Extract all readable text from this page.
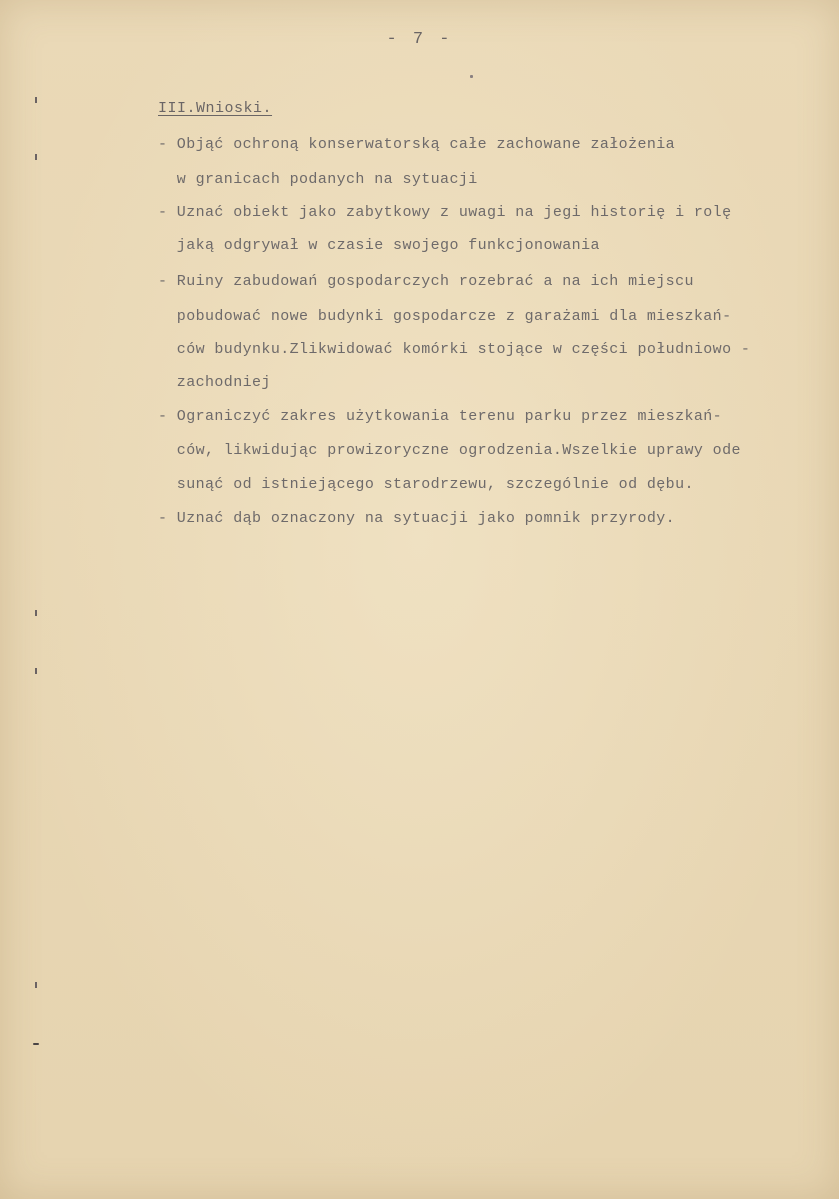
- 7 -
III.Wnioski.
- Objąć ochroną konserwatorską całe zachowane założenia
w granicach podanych na sytuacji
- Uznać obiekt jako zabytkowy z uwagi na jegi historię i rolę
jaką odgrywał w czasie swojego funkcjonowania
- Ruiny zabudowań gospodarczych rozebrać a na ich miejscu
pobudować nowe budynki gospodarcze z garażami dla mieszkań-
ców budynku.Zlikwidować komórki stojące w części południowo -
zachodniej
- Ograniczyć zakres użytkowania terenu parku przez mieszkań-
ców, likwidując prowizoryczne ogrodzenia.Wszelkie uprawy ode
sunąć od istniejącego starodrzewu, szczególnie od dębu.
- Uznać dąb oznaczony na sytuacji jako pomnik przyrody.
